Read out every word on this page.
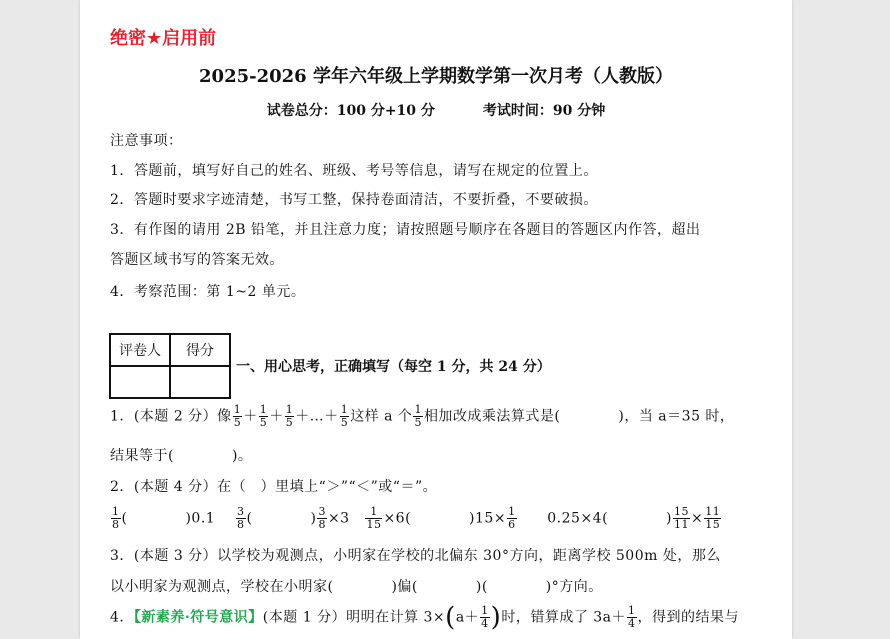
绝密★启用前
2025-2026 学年六年级上学期数学第一次月考（人教版）
试卷总分：100 分+10 分	考试时间：90 分钟
注意事项：
1．答题前，填写好自己的姓名、班级、考号等信息，请写在规定的位置上。
2．答题时要求字迹清楚，书写工整，保持卷面清洁，不要折叠，不要破损。
3．有作图的请用 2B 铅笔，并且注意力度；请按照题号顺序在各题目的答题区内作答，超出
答题区域书写的答案无效。
4．考察范围：第 1~2 单元。
评卷人	得分

一、用心思考，正确填写（每空 1 分，共 24 分）
1．(本题 2 分）像 $\frac{1}{5} + \frac{1}{5} + \frac{1}{5}$ ＋…＋ $\frac{1}{5}$ 这样 a 个 $\frac{1}{5}$ 相加改成乘法算式是(　　　　)，当 a＝35 时，
结果等于(　　　　)。
2．(本题 4 分）在（　）里填上“＞”“＜”或“＝”。
$\frac{1}{8}$ (　　　　)$0.1 \frac{3}{8}$ (　　　　) $\frac{3}{8} \times 3 \frac{1}{15} \times 6$(　　　　)$15\times \frac{1}{6} 0.25\times 4$(　　　　) $\frac{15}{11} \times \frac{11}{15}$
3．(本题 3 分）以学校为观测点，小明家在学校的北偏东 30°方向，距离学校 500m 处，那么
以小明家为观测点，学校在小明家(　　　　)偏(　　　　)(　　　　)°方向。
4．【新素养·符号意识】(本题 1 分）明明在计算 $3\times(a+ \frac{1}{4}$ )时，错算成了 $3a+ \frac{1}{4}$ ，得到的结果与
